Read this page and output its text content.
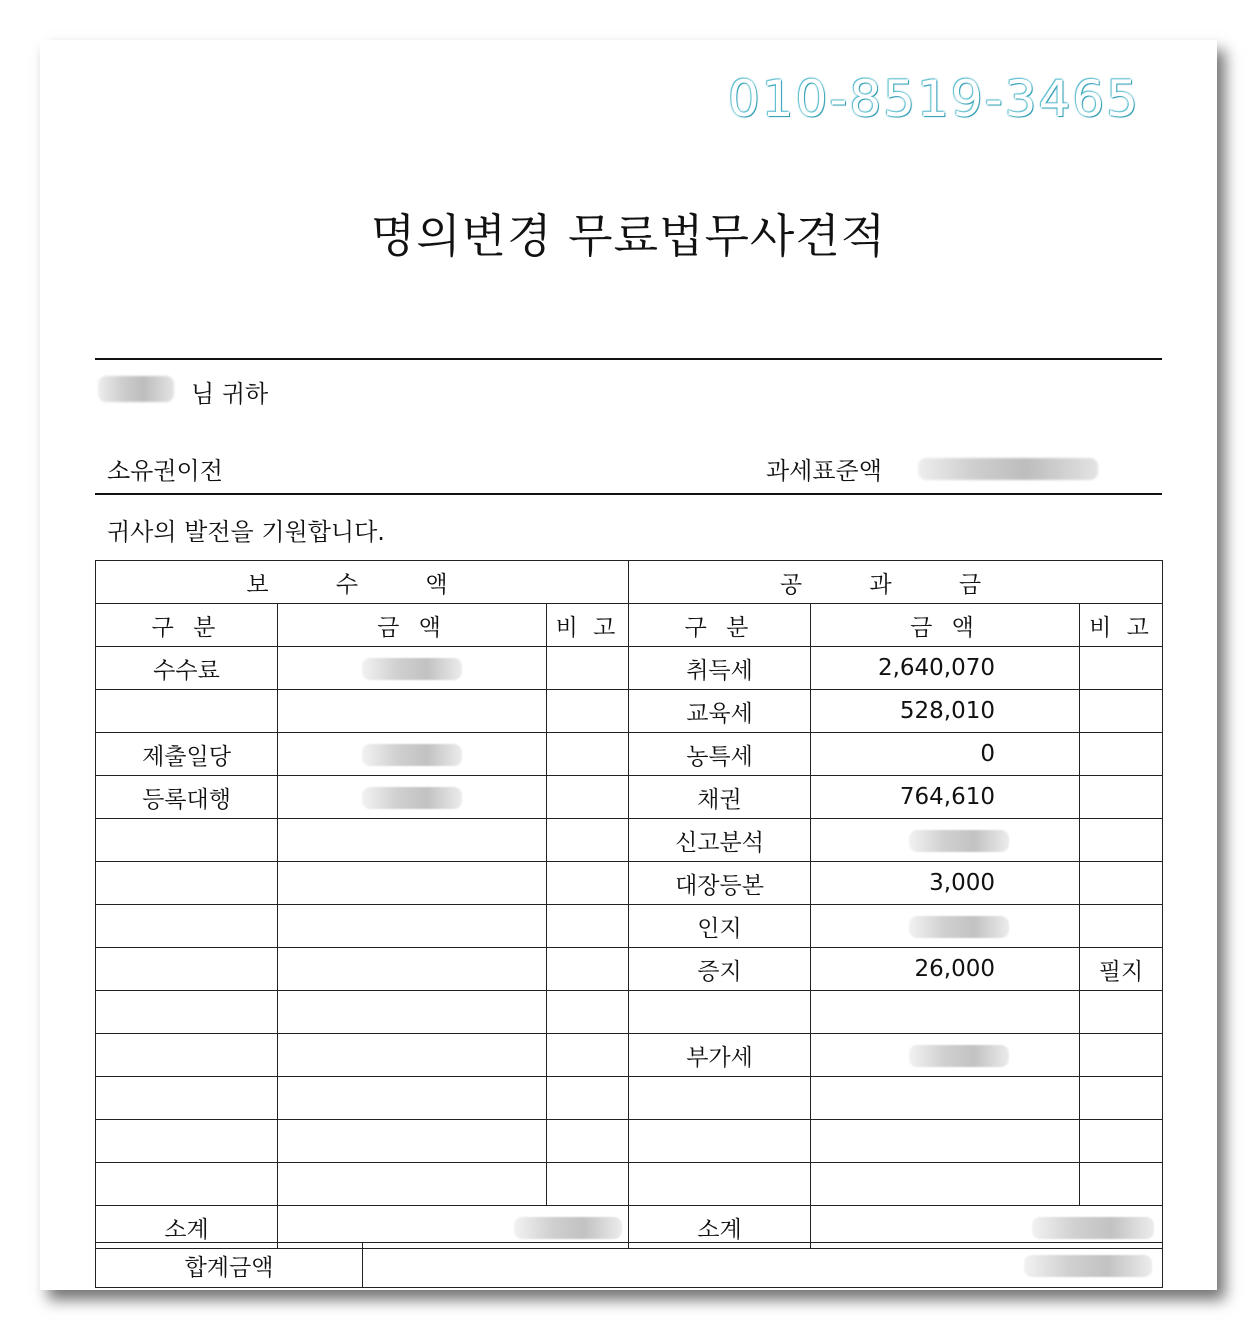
010-8519-3465
명의변경 무료법무사견적
님 귀하
소유권이전	과세표준액
귀사의 발전을 기원합니다.
보 수 액			공 과 금		
구 분	금 액	비 고	구 분	금 액	비 고
수수료			취득세	2,640,070	
			교육세	528,010	
제출일당			농특세	0	
등록대행			채권	764,610	
			신고분석		
			대장등본	3,000	
			인지		
			증지	26,000	필지

			부가세		

소계			소계		
합계금액	
